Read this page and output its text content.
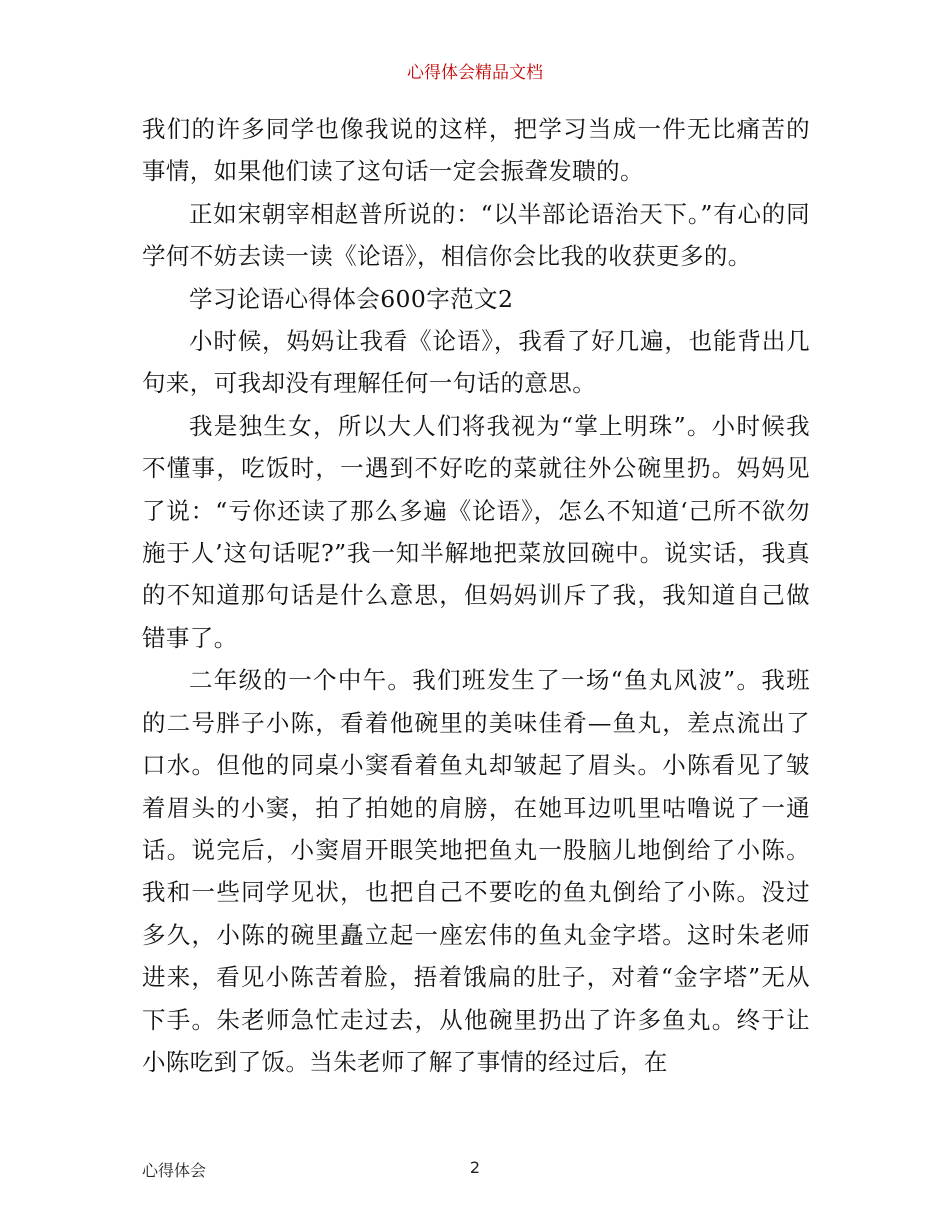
心得体会精品文档

我们的许多同学也像我说的这样，把学习当成一件无比痛苦的事情，如果他们读了这句话一定会振聋发聩的。

正如宋朝宰相赵普所说的：“以半部论语治天下。”有心的同学何不妨去读一读《论语》，相信你会比我的收获更多的。

学习论语心得体会600字范文2

小时候，妈妈让我看《论语》，我看了好几遍，也能背出几句来，可我却没有理解任何一句话的意思。

我是独生女，所以大人们将我视为“掌上明珠”。小时候我不懂事，吃饭时，一遇到不好吃的菜就往外公碗里扔。妈妈见了说：“亏你还读了那么多遍《论语》，怎么不知道‘己所不欲勿施于人’这句话呢?”我一知半解地把菜放回碗中。说实话，我真的不知道那句话是什么意思，但妈妈训斥了我，我知道自己做错事了。

二年级的一个中午。我们班发生了一场“鱼丸风波”。我班的二号胖子小陈，看着他碗里的美味佳肴—鱼丸，差点流出了口水。但他的同桌小窦看着鱼丸却皱起了眉头。小陈看见了皱着眉头的小窦，拍了拍她的肩膀，在她耳边叽里咕噜说了一通话。说完后，小窦眉开眼笑地把鱼丸一股脑儿地倒给了小陈。我和一些同学见状，也把自己不要吃的鱼丸倒给了小陈。没过多久，小陈的碗里矗立起一座宏伟的鱼丸金字塔。这时朱老师进来，看见小陈苦着脸，捂着饿扁的肚子，对着“金字塔”无从下手。朱老师急忙走过去，从他碗里扔出了许多鱼丸。终于让小陈吃到了饭。当朱老师了解了事情的经过后，在

心得体会	2
